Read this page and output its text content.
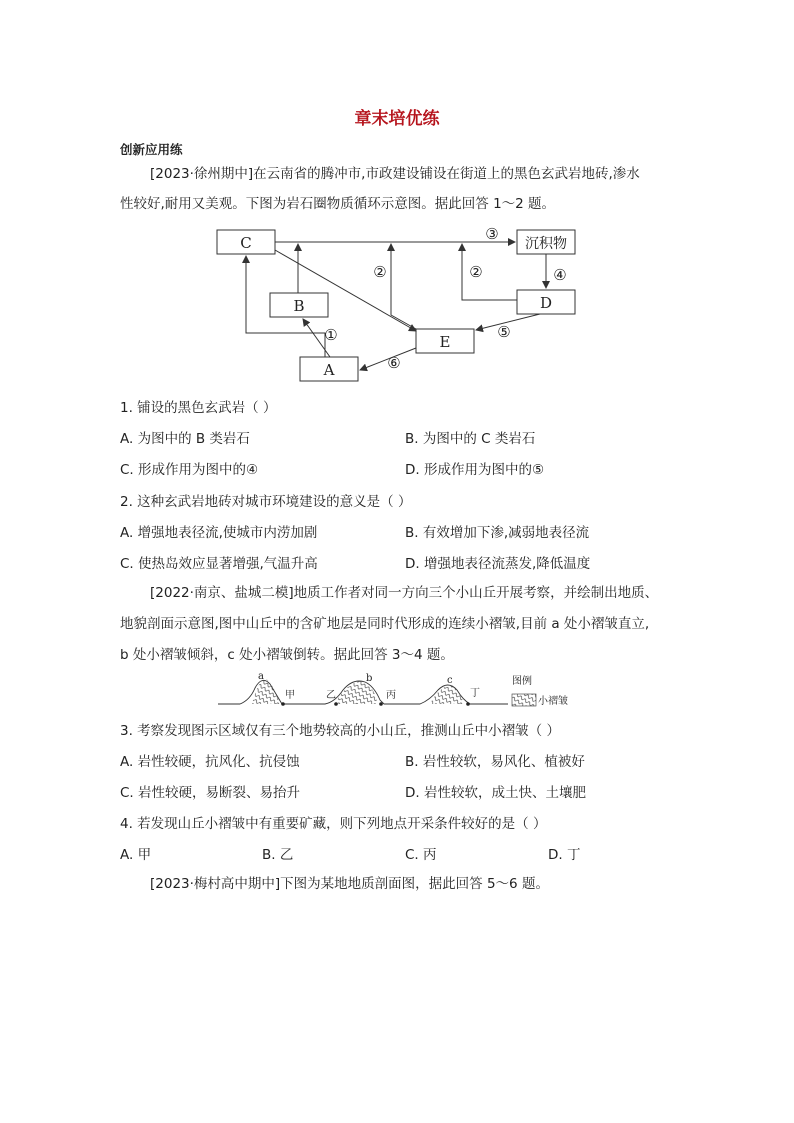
章末培优练
创新应用练
[2023·徐州期中]在云南省的腾冲市,市政建设铺设在街道上的黑色玄武岩地砖,渗水
性较好,耐用又美观。下图为岩石圈物质循环示意图。据此回答 1～2 题。
C
B
A
E
D
沉积物
①
②	②
③
④
⑤
⑥
1. 铺设的黑色玄武岩（ ）
A. 为图中的 B 类岩石	B. 为图中的 C 类岩石
C. 形成作用为图中的④	D. 形成作用为图中的⑤
2. 这种玄武岩地砖对城市环境建设的意义是（ ）
A. 增强地表径流,使城市内涝加剧	B. 有效增加下渗,减弱地表径流
C. 使热岛效应显著增强,气温升高	D. 增强地表径流蒸发,降低温度
[2022·南京、盐城二模]地质工作者对同一方向三个小山丘开展考察，并绘制出地质、
地貌剖面示意图,图中山丘中的含矿地层是同时代形成的连续小褶皱,目前 a 处小褶皱直立,
b 处小褶皱倾斜，c 处小褶皱倒转。据此回答 3～4 题。
a	b	c
甲	乙	丙	丁
图例
小褶皱
3. 考察发现图示区域仅有三个地势较高的小山丘，推测山丘中小褶皱（ ）
A. 岩性较硬，抗风化、抗侵蚀	B. 岩性较软，易风化、植被好
C. 岩性较硬，易断裂、易抬升	D. 岩性较软，成土快、土壤肥
4. 若发现山丘小褶皱中有重要矿藏，则下列地点开采条件较好的是（ ）
A. 甲	B. 乙	C. 丙	D. 丁
[2023·梅村高中期中]下图为某地地质剖面图，据此回答 5～6 题。
